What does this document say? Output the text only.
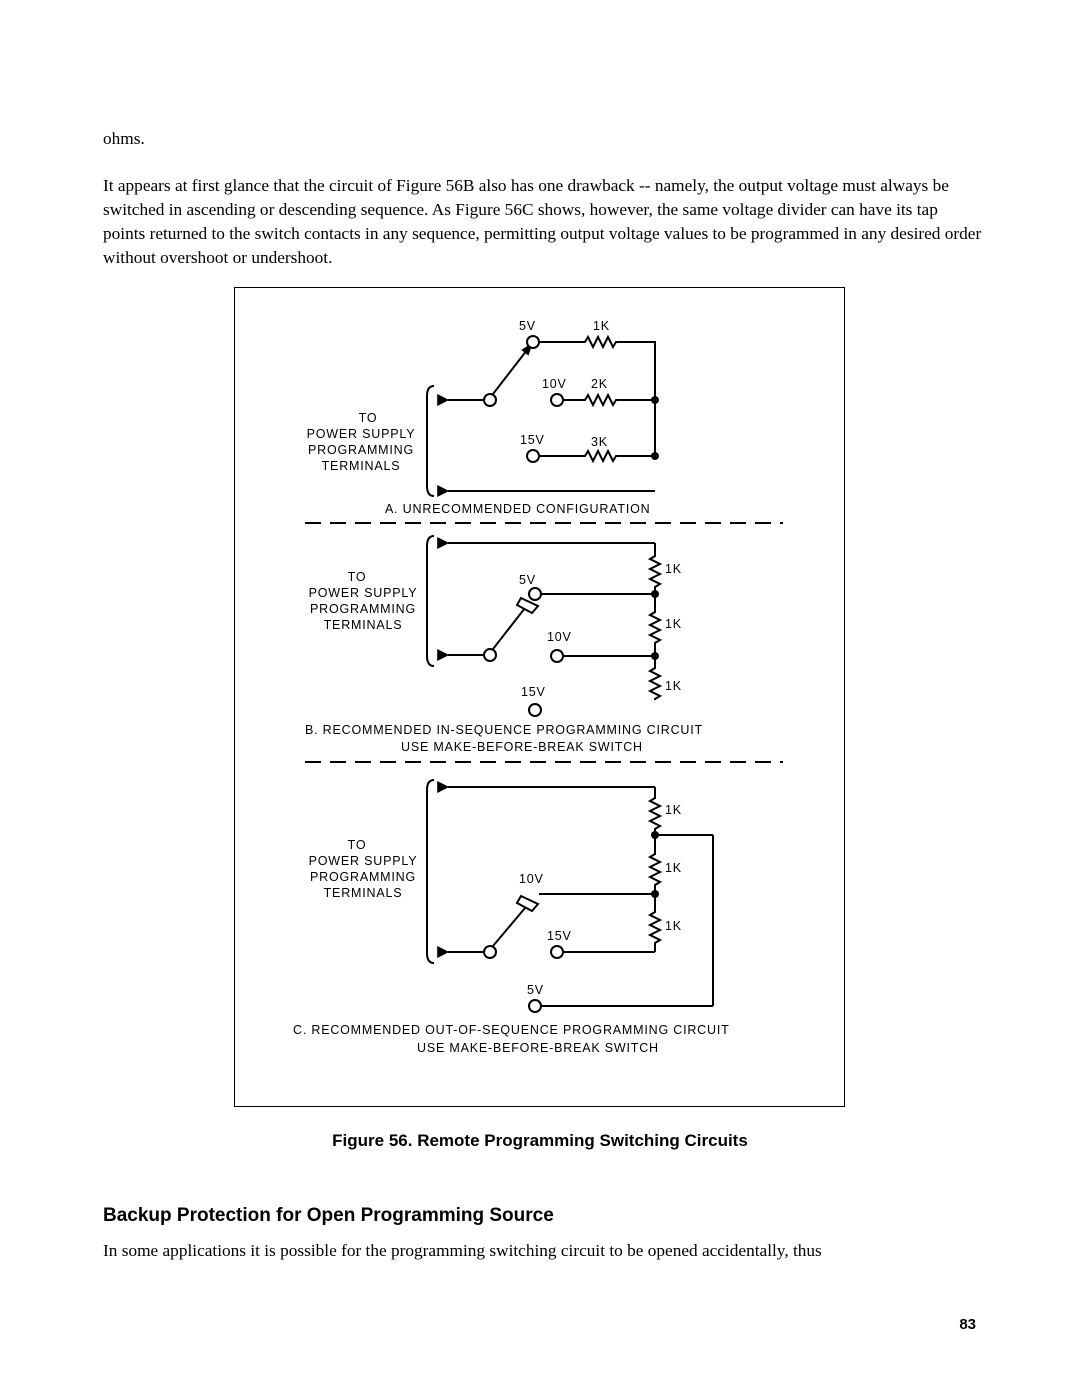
ohms.

It appears at first glance that the circuit of Figure 56B also has one drawback -- namely, the output voltage must always be switched in ascending or descending sequence. As Figure 56C shows, however, the same voltage divider can have its tap points returned to the switch contacts in any sequence, permitting output voltage values to be programmed in any desired order without overshoot or undershoot.

TO
POWER SUPPLY
PROGRAMMING
TERMINALS
5V	1K
10V 2K
15V	3K
A. UNRECOMMENDED CONFIGURATION
TO
POWER SUPPLY
PROGRAMMING
TERMINALS
1K
5V
1K
10V
15V	1K
B. RECOMMENDED IN-SEQUENCE PROGRAMMING CIRCUIT
USE MAKE-BEFORE-BREAK SWITCH
TO
POWER SUPPLY
PROGRAMMING
TERMINALS
1K
1K
10V
1K
15V
5V
C. RECOMMENDED OUT-OF-SEQUENCE PROGRAMMING CIRCUIT
USE MAKE-BEFORE-BREAK SWITCH

Figure 56. Remote Programming Switching Circuits

Backup Protection for Open Programming Source

In some applications it is possible for the programming switching circuit to be opened accidentally, thus

83
